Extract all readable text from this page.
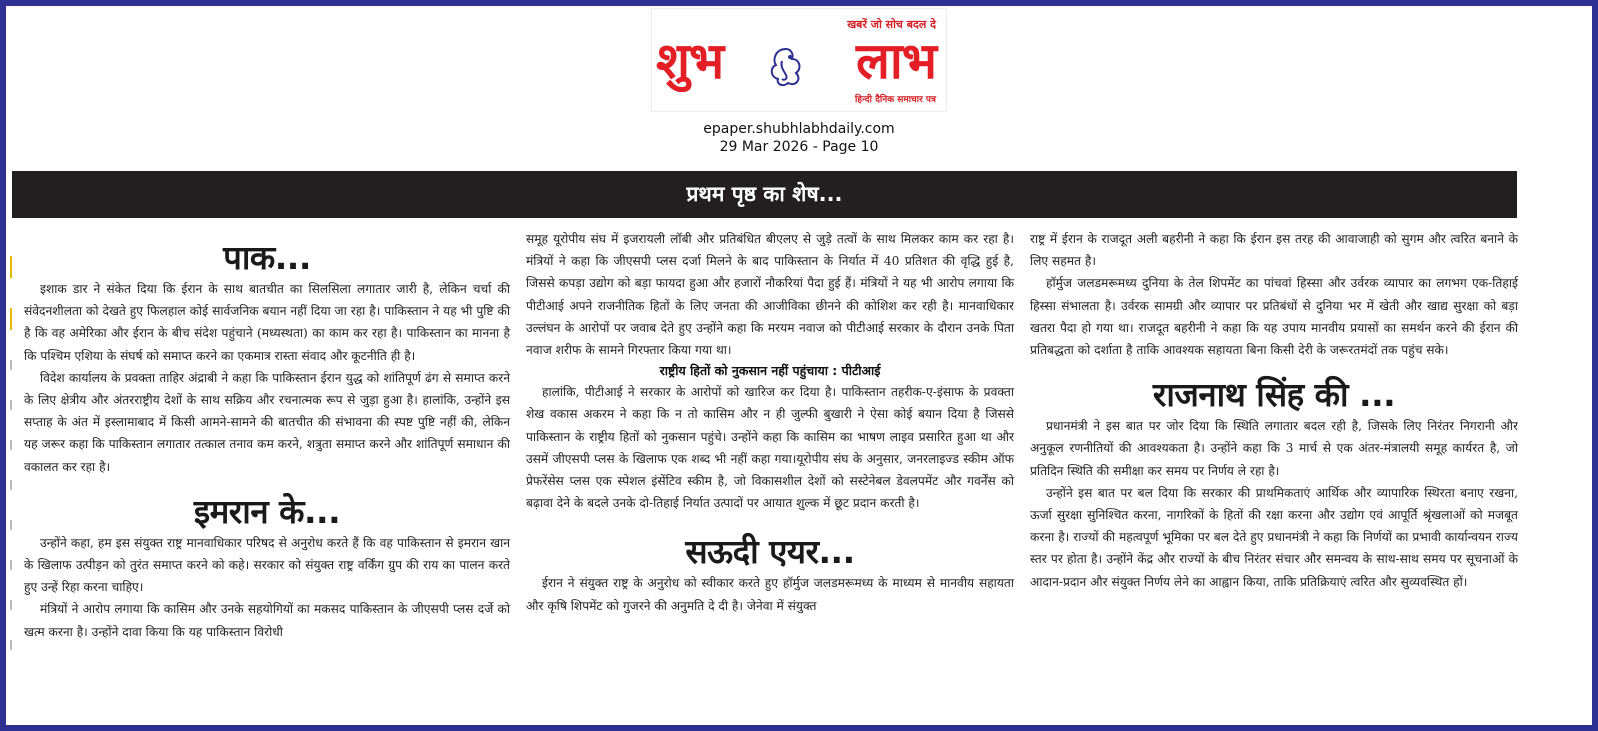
खबरें जो सोच बदल दे
शुभ	लाभ
हिन्दी दैनिक समाचार पत्र
epaper.shubhlabhdaily.com
29 Mar 2026 - Page 10
प्रथम पृष्ठ का शेष...
पाक...

इशाक डार ने संकेत दिया कि ईरान के साथ बातचीत का सिलसिला लगातार जारी है, लेकिन चर्चा की संवेदनशीलता को देखते हुए फिलहाल कोई सार्वजनिक बयान नहीं दिया जा रहा है। पाकिस्तान ने यह भी पुष्टि की है कि वह अमेरिका और ईरान के बीच संदेश पहुंचाने (मध्यस्थता) का काम कर रहा है। पाकिस्तान का मानना है कि पश्चिम एशिया के संघर्ष को समाप्त करने का एकमात्र रास्ता संवाद और कूटनीति ही है।

विदेश कार्यालय के प्रवक्ता ताहिर अंद्राबी ने कहा कि पाकिस्तान ईरान युद्ध को शांतिपूर्ण ढंग से समाप्त करने के लिए क्षेत्रीय और अंतरराष्ट्रीय देशों के साथ सक्रिय और रचनात्मक रूप से जुड़ा हुआ है। हालांकि, उन्होंने इस सप्ताह के अंत में इस्लामाबाद में किसी आमने-सामने की बातचीत की संभावना की स्पष्ट पुष्टि नहीं की, लेकिन यह जरूर कहा कि पाकिस्तान लगातार तत्काल तनाव कम करने, शत्रुता समाप्त करने और शांतिपूर्ण समाधान की वकालत कर रहा है।

इमरान के...

उन्होंने कहा, हम इस संयुक्त राष्ट्र मानवाधिकार परिषद से अनुरोध करते हैं कि वह पाकिस्तान से इमरान खान के खिलाफ उत्पीड़न को तुरंत समाप्त करने को कहे। सरकार को संयुक्त राष्ट्र वर्किंग ग्रुप की राय का पालन करते हुए उन्हें रिहा करना चाहिए।

मंत्रियों ने आरोप लगाया कि कासिम और उनके सहयोगियों का मकसद पाकिस्तान के जीएसपी प्लस दर्जे को खत्म करना है। उन्होंने दावा किया कि यह पाकिस्तान विरोधी

समूह यूरोपीय संघ में इजरायली लॉबी और प्रतिबंधित बीएलए से जुड़े तत्वों के साथ मिलकर काम कर रहा है। मंत्रियों ने कहा कि जीएसपी प्लस दर्जा मिलने के बाद पाकिस्तान के निर्यात में 40 प्रतिशत की वृद्धि हुई है, जिससे कपड़ा उद्योग को बड़ा फायदा हुआ और हजारों नौकरियां पैदा हुई हैं। मंत्रियों ने यह भी आरोप लगाया कि पीटीआई अपने राजनीतिक हितों के लिए जनता की आजीविका छीनने की कोशिश कर रही है। मानवाधिकार उल्लंघन के आरोपों पर जवाब देते हुए उन्होंने कहा कि मरयम नवाज को पीटीआई सरकार के दौरान उनके पिता नवाज शरीफ के सामने गिरफ्तार किया गया था।

राष्ट्रीय हितों को नुकसान नहीं पहुंचाया : पीटीआई

हालांकि, पीटीआई ने सरकार के आरोपों को खारिज कर दिया है। पाकिस्तान तहरीक-ए-इंसाफ के प्रवक्ता शेख वकास अकरम ने कहा कि न तो कासिम और न ही जुल्फी बुखारी ने ऐसा कोई बयान दिया है जिससे पाकिस्तान के राष्ट्रीय हितों को नुकसान पहुंचे। उन्होंने कहा कि कासिम का भाषण लाइव प्रसारित हुआ था और उसमें जीएसपी प्लस के खिलाफ एक शब्द भी नहीं कहा गया।यूरोपीय संघ के अनुसार, जनरलाइज्ड स्कीम ऑफ प्रेफरेंसेस प्लस एक स्पेशल इंसेंटिव स्कीम है, जो विकासशील देशों को सस्टेनेबल डेवलपमेंट और गवर्नेंस को बढ़ावा देने के बदले उनके दो-तिहाई निर्यात उत्पादों पर आयात शुल्क में छूट प्रदान करती है।

सऊदी एयर...

ईरान ने संयुक्त राष्ट्र के अनुरोध को स्वीकार करते हुए हॉर्मुज जलडमरूमध्य के माध्यम से मानवीय सहायता और कृषि शिपमेंट को गुजरने की अनुमति दे दी है। जेनेवा में संयुक्त

राष्ट्र में ईरान के राजदूत अली बहरीनी ने कहा कि ईरान इस तरह की आवाजाही को सुगम और त्वरित बनाने के लिए सहमत है।

हॉर्मुज जलडमरूमध्य दुनिया के तेल शिपमेंट का पांचवां हिस्सा और उर्वरक व्यापार का लगभग एक-तिहाई हिस्सा संभालता है। उर्वरक सामग्री और व्यापार पर प्रतिबंधों से दुनिया भर में खेती और खाद्य सुरक्षा को बड़ा खतरा पैदा हो गया था। राजदूत बहरीनी ने कहा कि यह उपाय मानवीय प्रयासों का समर्थन करने की ईरान की प्रतिबद्धता को दर्शाता है ताकि आवश्यक सहायता बिना किसी देरी के जरूरतमंदों तक पहुंच सके।

राजनाथ सिंह की ...

प्रधानमंत्री ने इस बात पर जोर दिया कि स्थिति लगातार बदल रही है, जिसके लिए निरंतर निगरानी और अनुकूल रणनीतियों की आवश्यकता है। उन्होंने कहा कि 3 मार्च से एक अंतर-मंत्रालयी समूह कार्यरत है, जो प्रतिदिन स्थिति की समीक्षा कर समय पर निर्णय ले रहा है।

उन्होंने इस बात पर बल दिया कि सरकार की प्राथमिकताएं आर्थिक और व्यापारिक स्थिरता बनाए रखना, ऊर्जा सुरक्षा सुनिश्चित करना, नागरिकों के हितों की रक्षा करना और उद्योग एवं आपूर्ति श्रृंखलाओं को मजबूत करना है। राज्यों की महत्वपूर्ण भूमिका पर बल देते हुए प्रधानमंत्री ने कहा कि निर्णयों का प्रभावी कार्यान्वयन राज्य स्तर पर होता है। उन्होंने केंद्र और राज्यों के बीच निरंतर संचार और समन्वय के साथ-साथ समय पर सूचनाओं के आदान-प्रदान और संयुक्त निर्णय लेने का आह्वान किया, ताकि प्रतिक्रियाएं त्वरित और सुव्यवस्थित हों।
